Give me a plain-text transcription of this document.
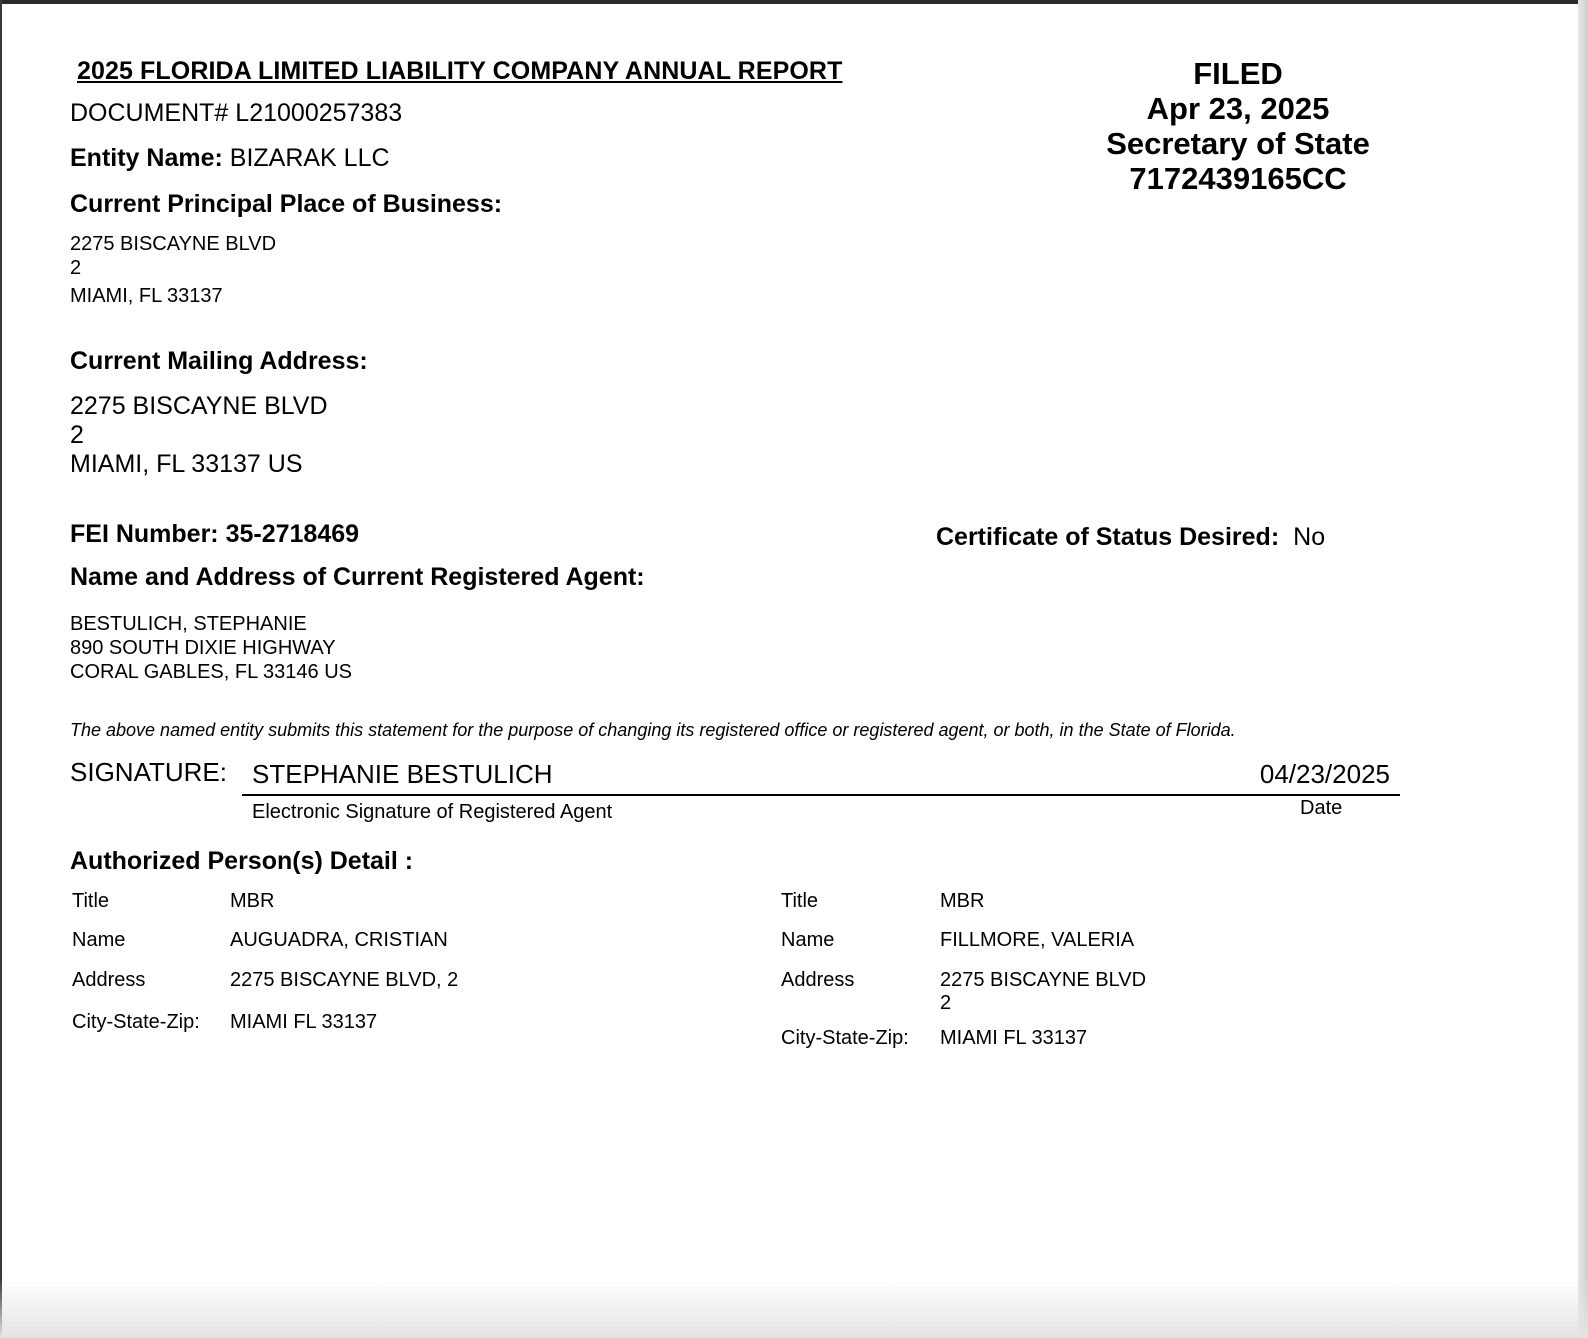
2025 FLORIDA LIMITED LIABILITY COMPANY ANNUAL REPORT	FILED
Apr 23, 2025
Secretary of State
7172439165CC
DOCUMENT# L21000257383
Entity Name: BIZARAK LLC
Current Principal Place of Business:
2275 BISCAYNE BLVD
2
MIAMI, FL 33137
Current Mailing Address:
2275 BISCAYNE BLVD
2
MIAMI, FL 33137 US
FEI Number: 35-2718469	Certificate of Status Desired: No
Name and Address of Current Registered Agent:
BESTULICH, STEPHANIE
890 SOUTH DIXIE HIGHWAY
CORAL GABLES, FL 33146 US
The above named entity submits this statement for the purpose of changing its registered office or registered agent, or both, in the State of Florida.
SIGNATURE: STEPHANIE BESTULICH	04/23/2025
Electronic Signature of Registered Agent	Date
Authorized Person(s) Detail :
Title	MBR
Name	AUGUADRA, CRISTIAN
Address	2275 BISCAYNE BLVD, 2
City-State-Zip: MIAMI FL 33137
Title	MBR
Name	FILLMORE, VALERIA
Address	2275 BISCAYNE BLVD
2
City-State-Zip: MIAMI FL 33137
